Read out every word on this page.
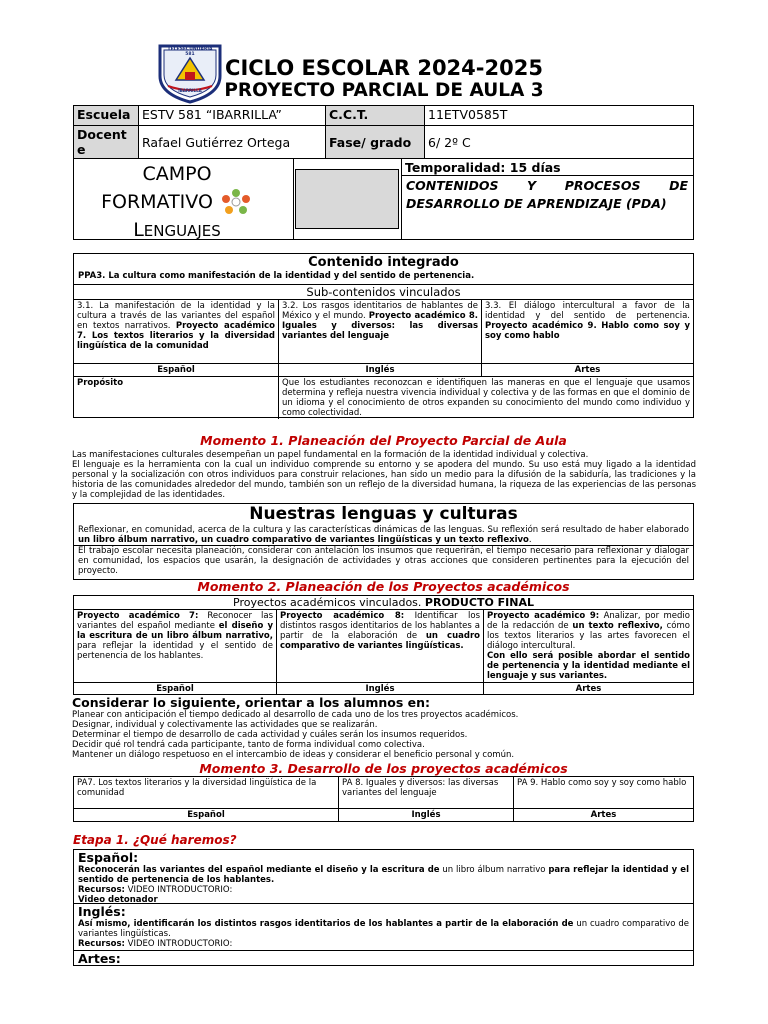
TELESECUNDARIA 581
IBARRILLA
CICLO ESCOLAR 2024-2025
PROYECTO PARCIAL DE AULA 3
Escuela	ESTV 581 “IBARRILLA”	C.C.T.	11ETV0585T
Docent
e	Rafael Gutiérrez Ortega	Fase/ grado	6/ 2º C
CAMPO
FORMATIVO
LENGUAJES
Temporalidad: 15 días
CONTENIDOS Y PROCESOS DE DESARROLLO DE APRENDIZAJE (PDA)
Contenido integrado
PPA3. La cultura como manifestación de la identidad y del sentido de pertenencia.
Sub-contenidos vinculados
3.1. La manifestación de la identidad y la cultura a través de las variantes del español en textos narrativos. Proyecto académico 7. Los textos literarios y la diversidad lingüística de la comunidad	3.2. Los rasgos identitarios de hablantes de México y el mundo. Proyecto académico 8. Iguales y diversos: las diversas variantes del lenguaje	3.3. El diálogo intercultural a favor de la identidad y del sentido de pertenencia. Proyecto académico 9. Hablo como soy y soy como hablo
Español	Inglés	Artes
Propósito	Que los estudiantes reconozcan e identifiquen las maneras en que el lenguaje que usamos determina y refleja nuestra vivencia individual y colectiva y de las formas en que el dominio de un idioma y el conocimiento de otros expanden su conocimiento del mundo como individuo y como colectividad.	
Momento 1. Planeación del Proyecto Parcial de Aula

Las manifestaciones culturales desempeñan un papel fundamental en la formación de la identidad individual y colectiva.

El lenguaje es la herramienta con la cual un individuo comprende su entorno y se apodera del mundo. Su uso está muy ligado a la identidad personal y la socialización con otros individuos para construir relaciones, han sido un medio para la difusión de la sabiduría, las tradiciones y la historia de las comunidades alrededor del mundo, también son un reflejo de la diversidad humana, la riqueza de las experiencias de las personas y la complejidad de las identidades.

Nuestras lenguas y culturas
Reflexionar, en comunidad, acerca de la cultura y las características dinámicas de las lenguas. Su reflexión será resultado de haber elaborado un libro álbum narrativo, un cuadro comparativo de variantes lingüísticas y un texto reflexivo.
El trabajo escolar necesita planeación, considerar con antelación los insumos que requerirán, el tiempo necesario para reflexionar y dialogar en comunidad, los espacios que usarán, la designación de actividades y otras acciones que consideren pertinentes para la ejecución del proyecto.
Momento 2. Planeación de los Proyectos académicos
Proyectos académicos vinculados. PRODUCTO FINAL
Proyecto académico 7: Reconocer las variantes del español mediante el diseño y la escritura de un libro álbum narrativo, para reflejar la identidad y el sentido de pertenencia de los hablantes.	Proyecto académico 8: Identificar los distintos rasgos identitarios de los hablantes a partir de la elaboración de un cuadro comparativo de variantes lingüísticas.	Proyecto académico 9: Analizar, por medio de la redacción de un texto reflexivo, cómo los textos literarios y las artes favorecen el diálogo intercultural.
Con ello será posible abordar el sentido de pertenencia y la identidad mediante el lenguaje y sus variantes.
Español	Inglés	Artes
Considerar lo siguiente, orientar a los alumnos en:

Planear con anticipación el tiempo dedicado al desarrollo de cada uno de los tres proyectos académicos.

Designar, individual y colectivamente las actividades que se realizarán.

Determinar el tiempo de desarrollo de cada actividad y cuáles serán los insumos requeridos.

Decidir qué rol tendrá cada participante, tanto de forma individual como colectiva.

Mantener un diálogo respetuoso en el intercambio de ideas y considerar el beneficio personal y común.

Momento 3. Desarrollo de los proyectos académicos
PA7. Los textos literarios y la diversidad lingüística de la comunidad	PA 8. Iguales y diversos: las diversas variantes del lenguaje	PA 9. Hablo como soy y soy como hablo
Español	Inglés	Artes
Etapa 1. ¿Qué haremos?
Español:
Reconocerán las variantes del español mediante el diseño y la escritura de un libro álbum narrativo para reflejar la identidad y el sentido de pertenencia de los hablantes.
Recursos: VIDEO INTRODUCTORIO:
Video detonador
Inglés:
Así mismo, identificarán los distintos rasgos identitarios de los hablantes a partir de la elaboración de un cuadro comparativo de variantes lingüísticas.
Recursos: VIDEO INTRODUCTORIO:
Artes:
